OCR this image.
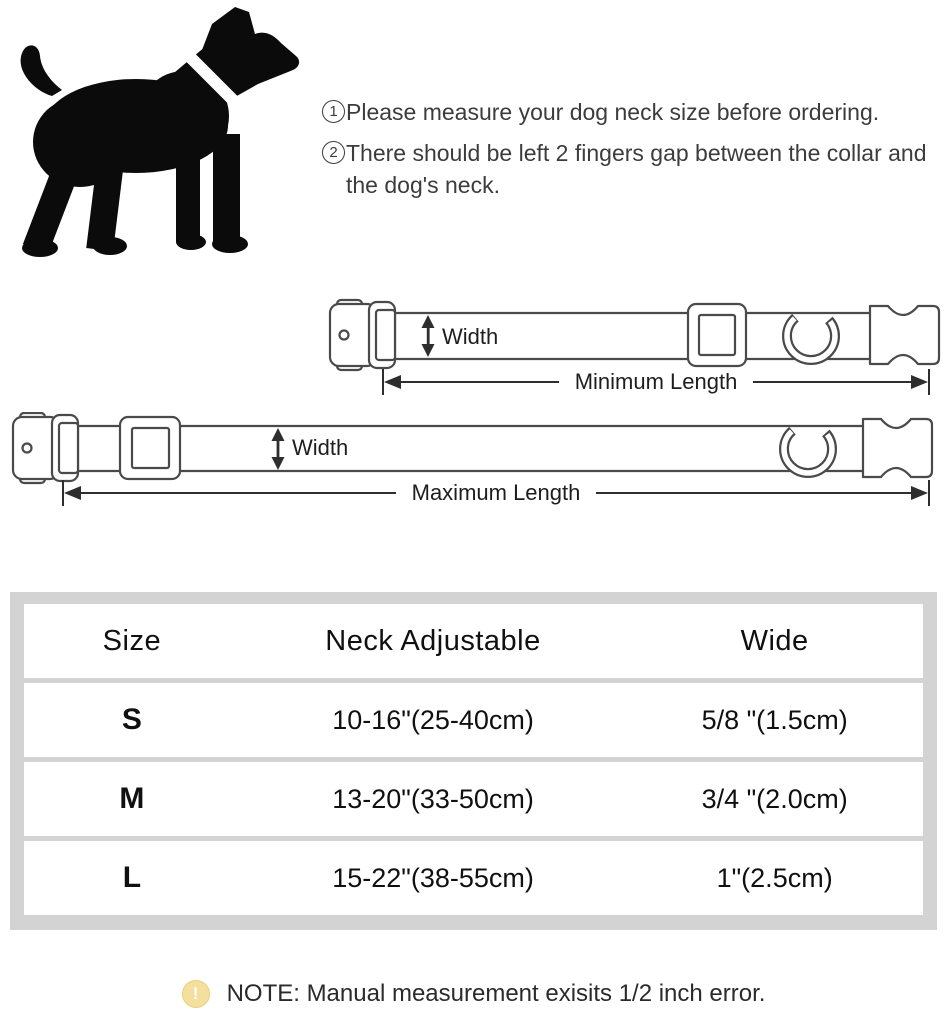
1 Please measure your dog neck size before ordering.
2 There should be left 2 fingers gap between the collar and the dog's neck.
Width
Minimum Length
Width
Maximum Length
Size	Neck Adjustable	Wide
S	10-16"(25-40cm)	5/8 "(1.5cm)
M	13-20"(33-50cm)	3/4 "(2.0cm)
L	15-22"(38-55cm)	1"(2.5cm)
!	NOTE: Manual measurement exisits 1/2 inch error.
